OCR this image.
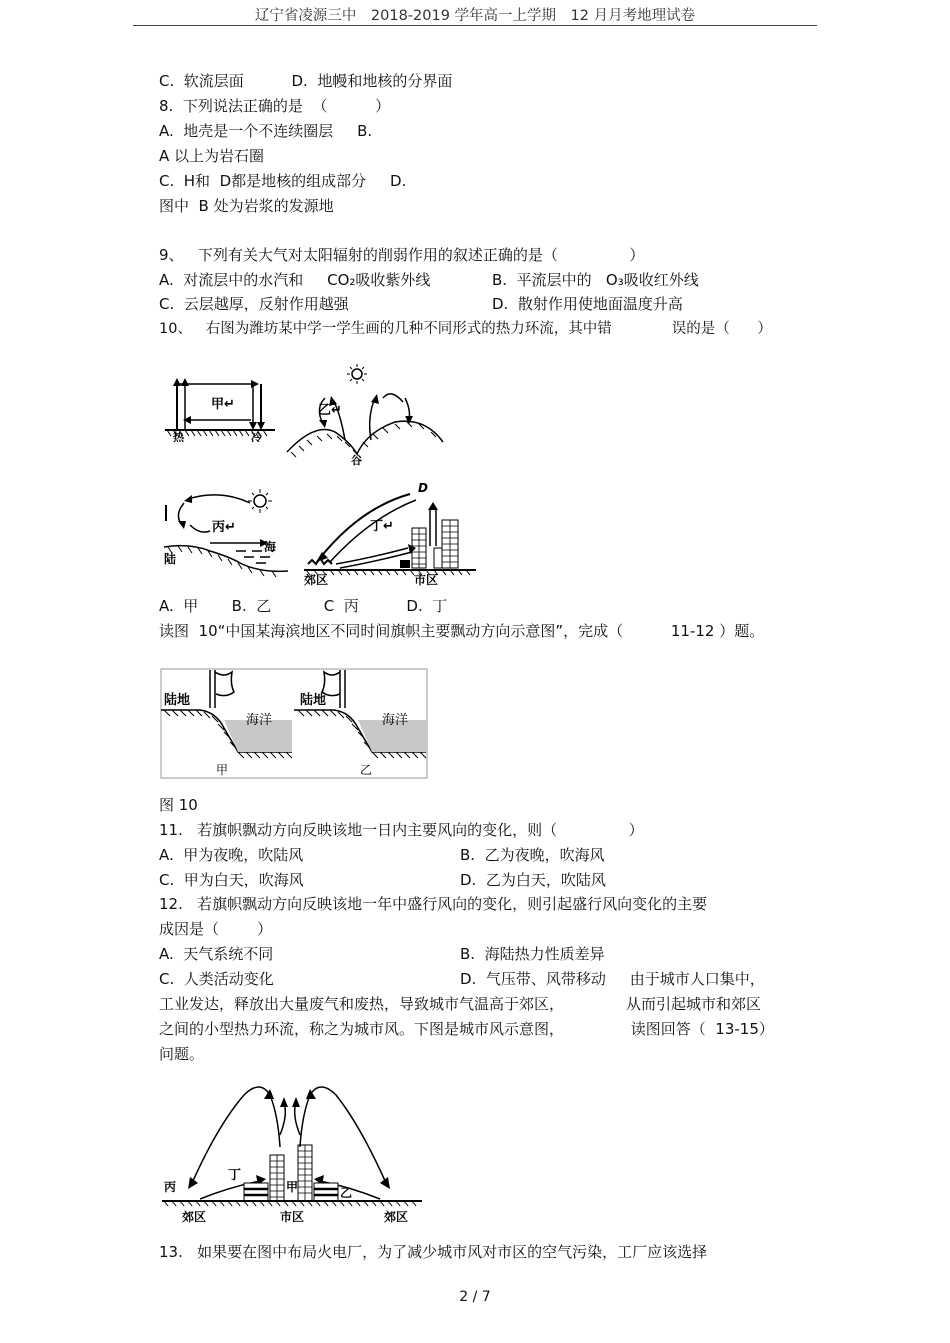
辽宁省凌源三中　2018-2019 学年高一上学期　12 月月考地理试卷
C.  软流层面          D.  地幔和地核的分界面
8.  下列说法正确的是  （          ）
A.  地壳是一个不连续圈层     B.
A 以上为岩石圈
C.  H和  D都是地核的组成部分     D.
图中  B 处为岩浆的发源地
9、   下列有关大气对太阳辐射的削弱作用的叙述正确的是（               ）
A.  对流层中的水汽和     CO₂吸收紫外线	B.  平流层中的   O₃吸收红外线
C.  云层越厚，反射作用越强	D.  散射作用使地面温度升高
10、   右图为潍坊某中学一学生画的几种不同形式的热力环流，其中错             误的是（      ）
甲↵
热	冷
乙↵
谷
丙↵
陆
海
D
丁↵
郊区	市区
A.  甲       B.  乙           C  丙          D.  丁
读图  10“中国某海滨地区不同时间旗帜主要飘动方向示意图”，完成（          11-12 ）题。
陆地
海洋
甲
陆地
海洋
乙
图 10
11.   若旗帜飘动方向反映该地一日内主要风向的变化，则（               ）
A.  甲为夜晚，吹陆风	B.  乙为夜晚，吹海风
C.  甲为白天，吹海风	D.  乙为白天，吹陆风
12.   若旗帜飘动方向反映该地一年中盛行风向的变化，则引起盛行风向变化的主要
成因是（        ）
A.  天气系统不同	B.  海陆热力性质差异
C.  人类活动变化	D.  气压带、风带移动     由于城市人口集中，
工业发达，释放出大量废气和废热，导致城市气温高于郊区，             从而引起城市和郊区
之间的小型热力环流，称之为城市风。下图是城市风示意图，              读图回答（  13-15）
问题。
丙
丁
甲	乙
郊区	市区	郊区
13.   如果要在图中布局火电厂，为了减少城市风对市区的空气污染，工厂应该选择
2 / 7
